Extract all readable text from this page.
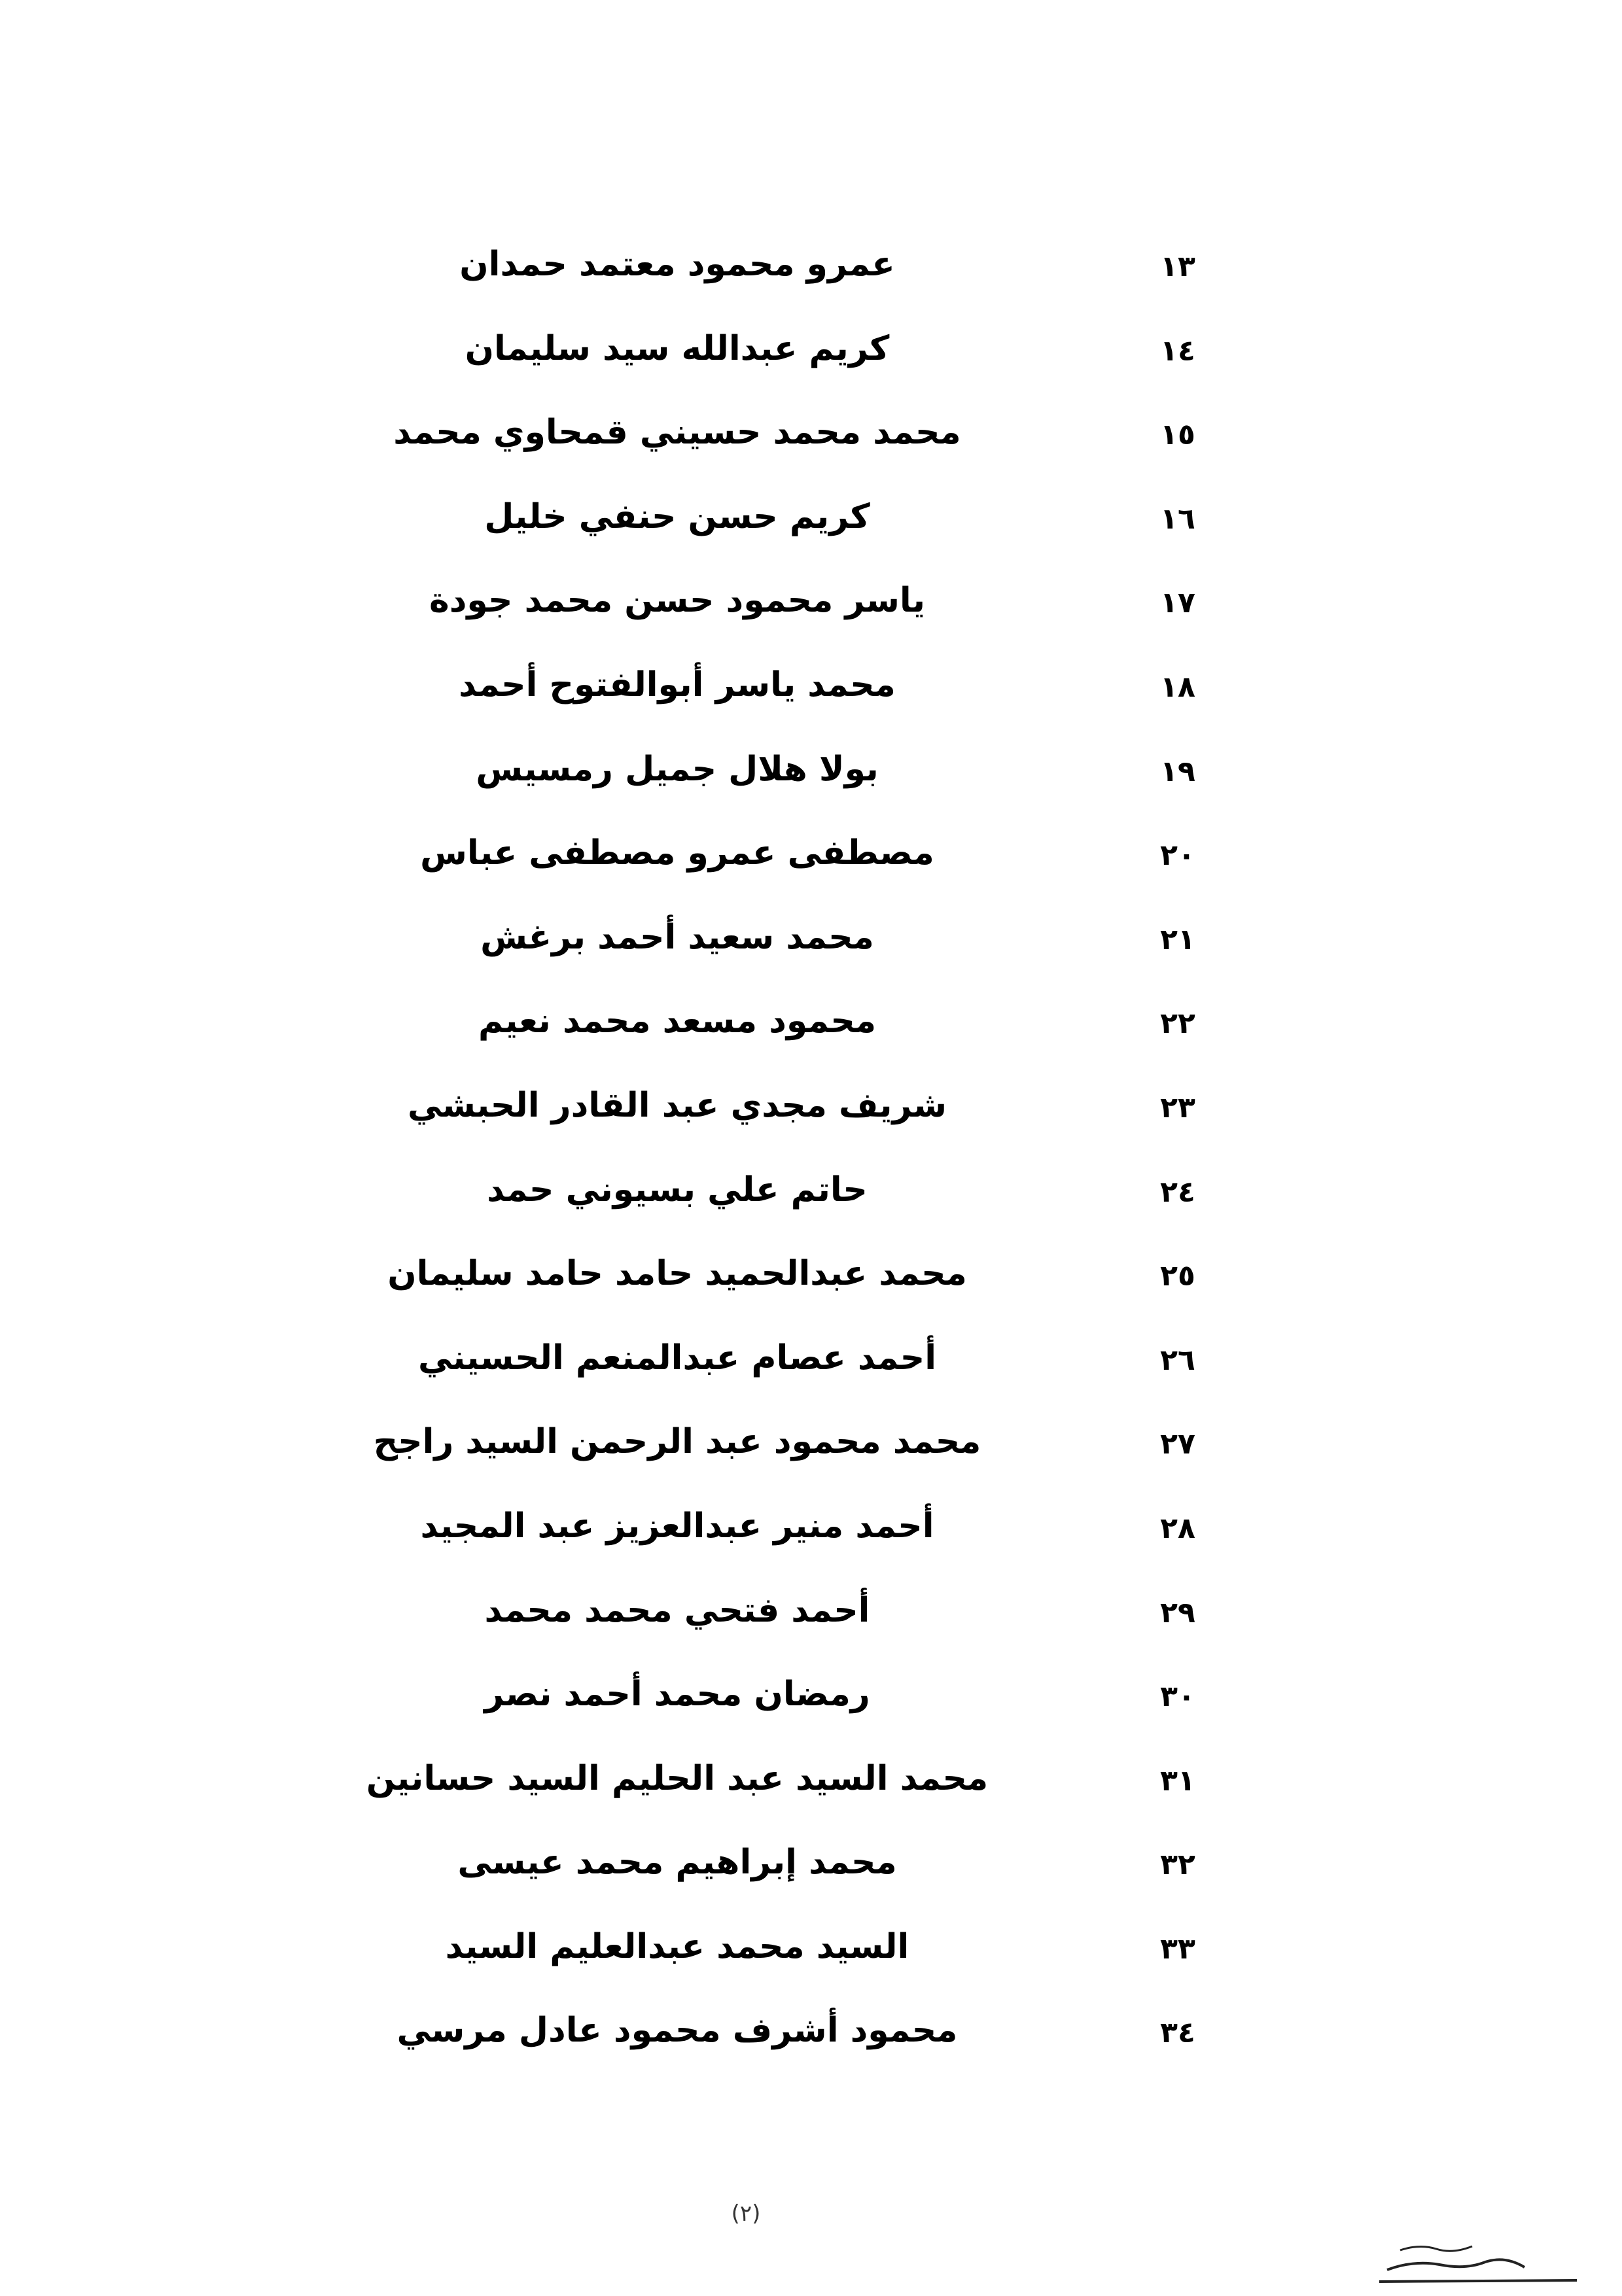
١٣
عمرو محمود معتمد حمدان
١٤
كريم عبدالله سيد سليمان
١٥
محمد محمد حسيني قمحاوي محمد
١٦
كريم حسن حنفي خليل
١٧
ياسر محمود حسن محمد جودة
١٨
محمد ياسر أبوالفتوح أحمد
١٩
بولا هلال جميل رمسيس
٢٠
مصطفى عمرو مصطفى عباس
٢١
محمد سعيد أحمد برغش
٢٢
محمود مسعد محمد نعيم
٢٣
شريف مجدي عبد القادر الحبشي
٢٤
حاتم علي بسيوني حمد
٢٥
محمد عبدالحميد حامد حامد سليمان
٢٦
أحمد عصام عبدالمنعم الحسيني
٢٧
محمد محمود عبد الرحمن السيد راجح
٢٨
أحمد منير عبدالعزيز عبد المجيد
٢٩
أحمد فتحي محمد محمد
٣٠
رمضان محمد أحمد نصر
٣١
محمد السيد عبد الحليم السيد حسانين
٣٢
محمد إبراهيم محمد عيسى
٣٣
السيد محمد عبدالعليم السيد
٣٤
محمود أشرف محمود عادل مرسي
(٢)
